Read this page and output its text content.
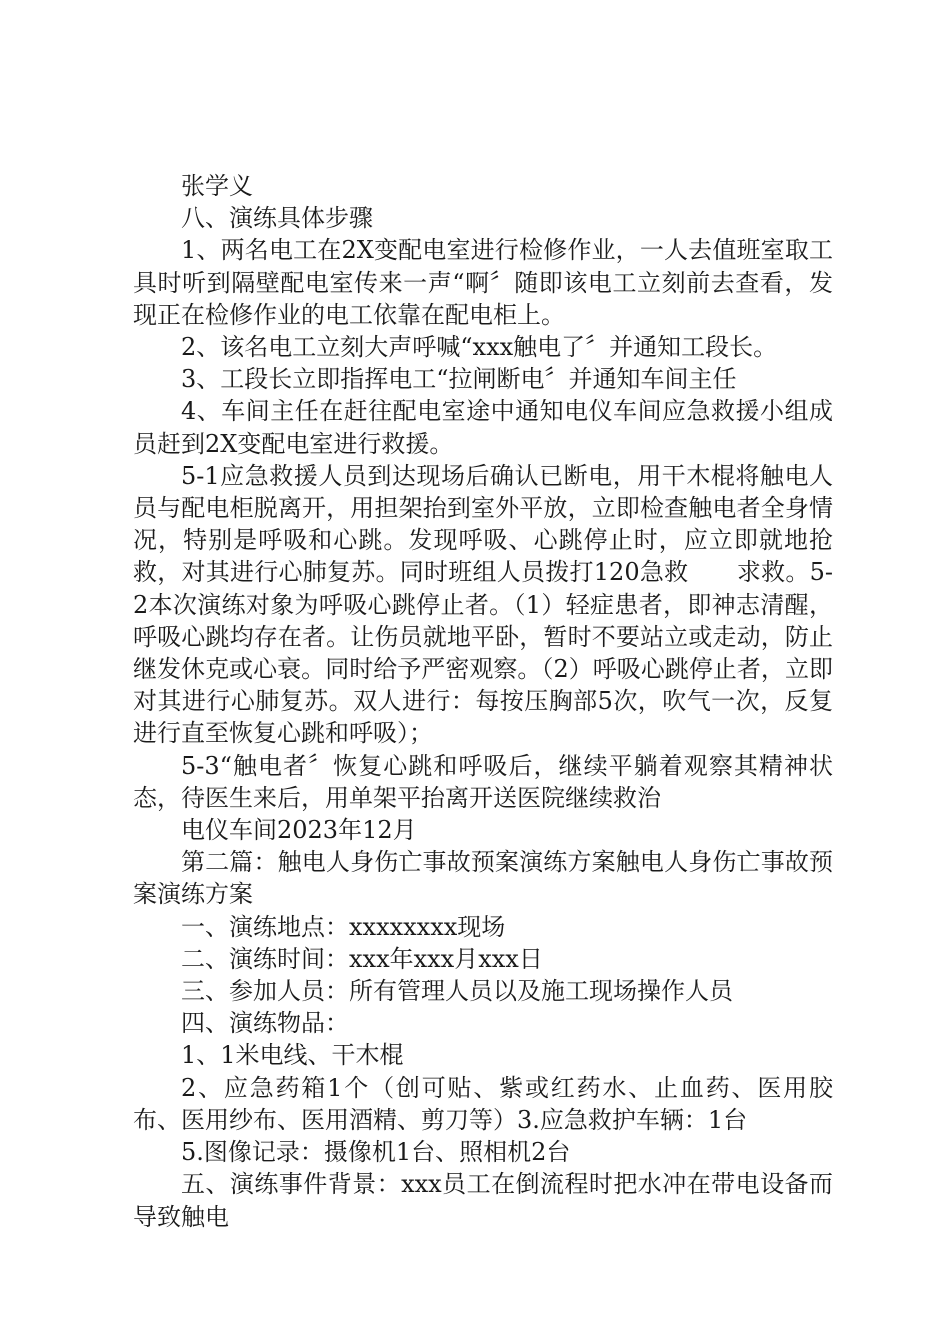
张学义

八、演练具体步骤

1、两名电工在2X变配电室进行检修作业，一人去值班室取工具时听到隔壁配电室传来一声“啊〞随即该电工立刻前去查看，发现正在检修作业的电工依靠在配电柜上。

2、该名电工立刻大声呼喊“xxx触电了〞并通知工段长。

3、工段长立即指挥电工“拉闸断电〞并通知车间主任

4、车间主任在赶往配电室途中通知电仪车间应急救援小组成员赶到2X变配电室进行救援。

5-1应急救援人员到达现场后确认已断电，用干木棍将触电人员与配电柜脱离开，用担架抬到室外平放，立即检查触电者全身情况，特别是呼吸和心跳。发现呼吸、心跳停止时，应立即就地抢救，对其进行心肺复苏。同时班组人员拨打120急救　　求救。5-2本次演练对象为呼吸心跳停止者。（1）轻症患者，即神志清醒，呼吸心跳均存在者。让伤员就地平卧，暂时不要站立或走动，防止继发休克或心衰。同时给予严密观察。（2）呼吸心跳停止者，立即对其进行心肺复苏。双人进行：每按压胸部5次，吹气一次，反复进行直至恢复心跳和呼吸）；

5-3“触电者〞恢复心跳和呼吸后，继续平躺着观察其精神状态，待医生来后，用单架平抬离开送医院继续救治

电仪车间2023年12月

第二篇：触电人身伤亡事故预案演练方案触电人身伤亡事故预案演练方案

一、演练地点：xxxxxxxx现场

二、演练时间：xxx年xxx月xxx日

三、参加人员：所有管理人员以及施工现场操作人员

四、演练物品：

1、1米电线、干木棍

2、应急药箱1个（创可贴、紫或红药水、止血药、医用胶布、医用纱布、医用酒精、剪刀等）3.应急救护车辆：1台

5.图像记录：摄像机1台、照相机2台

五、演练事件背景：xxx员工在倒流程时把水冲在带电设备而导致触电
